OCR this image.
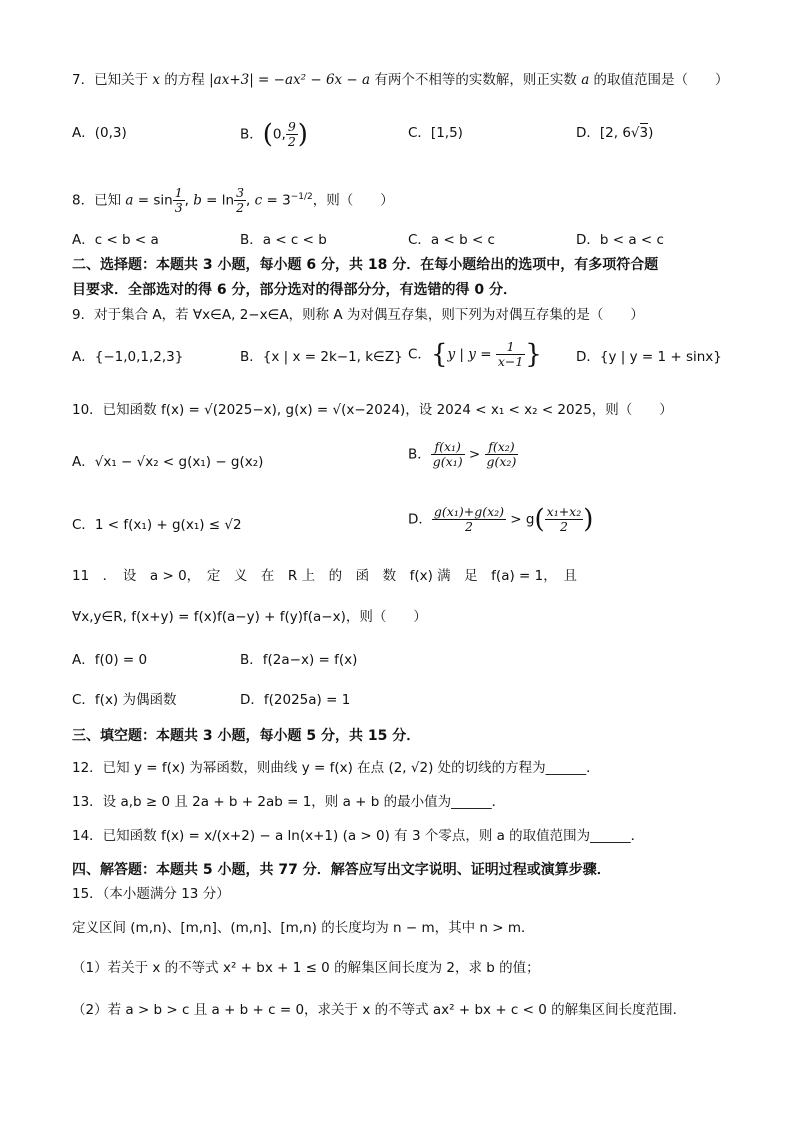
7．已知关于 x 的方程 |ax+3| = −ax² − 6x − a 有两个不相等的实数解，则正实数 a 的取值范围是（　　）
A．(0,3)	B．(0, $\frac{9}{2}$ )	C．[1,5)	D．[2, 6√3)
8．已知 $a = \sin \frac{1}{3}$ , $b = \ln \frac{3}{2}$ , $c = 3^{-1/2}$，则（　　）
A．c < b < a	B．a < c < b	C．a < b < c	D．b < a < c
二、选择题：本题共 3 小题，每小题 6 分，共 18 分．在每小题给出的选项中，有多项符合题
目要求．全部选对的得 6 分，部分选对的得部分分，有选错的得 0 分．
9．对于集合 A，若 ∀x∈A, 2−x∈A，则称 A 为对偶互存集，则下列为对偶互存集的是（　　）
A．{−1,0,1,2,3}	B．{x | x = 2k−1, k∈Z} C．{y | $y = \frac{1}{x-1}$ }	D．{y | y = 1 + sinx}
10．已知函数 f(x) = √(2025−x), g(x) = √(x−2024)，设 2024 < x₁ < x₂ < 2025，则（　　）
A．√x₁ − √x₂ < g(x₁) − g(x₂)	B． $\frac{\text{f(x₁)}}{\text{g(x₁)}} > \frac{\text{f(x₂)}}{\text{g(x₂)}}$
C．1 < f(x₁) + g(x₁) ≤ √2	D． $\frac{\text{g(x₁)+g(x₂)}}{2} > g( \frac{\text{x₁+x₂}}{2}$ )
11　．　设　a > 0，　定　义　在　R 上　的　函　数　f(x) 满　足　f(a) = 1，　且
∀x,y∈R, f(x+y) = f(x)f(a−y) + f(y)f(a−x)，则（　　）
A．f(0) = 0	B．f(2a−x) = f(x)
C．f(x) 为偶函数	D．f(2025a) = 1
三、填空题：本题共 3 小题，每小题 5 分，共 15 分．
12．已知 y = f(x) 为幂函数，则曲线 y = f(x) 在点 (2, √2) 处的切线的方程为______．
13．设 a,b ≥ 0 且 2a + b + 2ab = 1，则 a + b 的最小值为______．
14．已知函数 f(x) = x/(x+2) − a ln(x+1) (a > 0) 有 3 个零点，则 a 的取值范围为______．
四、解答题：本题共 5 小题，共 77 分．解答应写出文字说明、证明过程或演算步骤．
15．（本小题满分 13 分）
定义区间 (m,n)、[m,n]、(m,n]、[m,n) 的长度均为 n − m，其中 n > m．
（1）若关于 x 的不等式 x² + bx + 1 ≤ 0 的解集区间长度为 2，求 b 的值；
（2）若 a > b > c 且 a + b + c = 0，求关于 x 的不等式 ax² + bx + c < 0 的解集区间长度范围．
